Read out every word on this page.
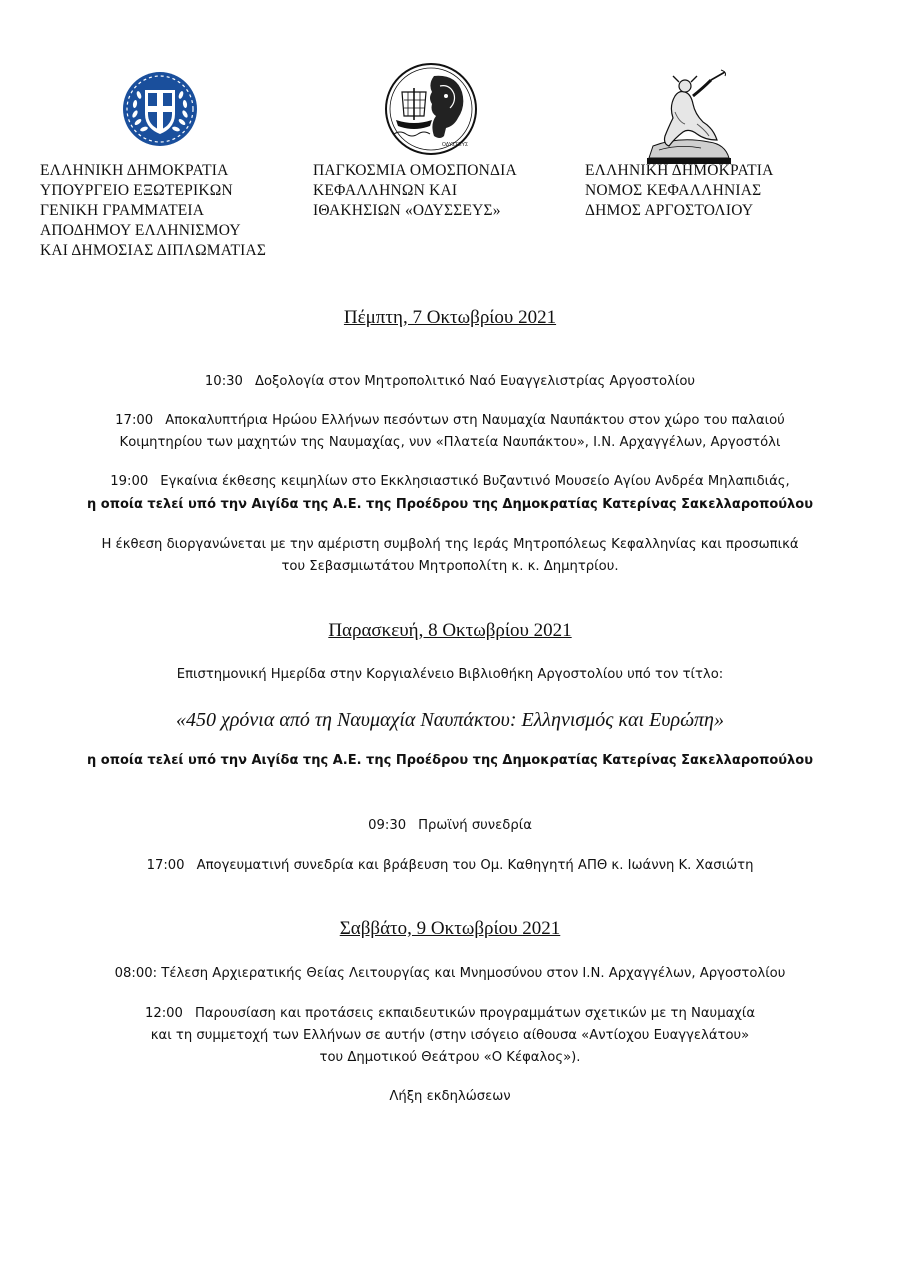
ΟΔΥΣΣΕΥΣ
ΕΛΛΗΝΙΚΗ ΔΗΜΟΚΡΑΤΙΑ
ΥΠΟΥΡΓΕΙΟ ΕΞΩΤΕΡΙΚΩΝ
ΓΕΝΙΚΗ ΓΡΑΜΜΑΤΕΙΑ
ΑΠΟΔΗΜΟΥ ΕΛΛΗΝΙΣΜΟΥ
ΚΑΙ ΔΗΜΟΣΙΑΣ ΔΙΠΛΩΜΑΤΙΑΣ
ΠΑΓΚΟΣΜΙΑ ΟΜΟΣΠΟΝΔΙΑ
ΚΕΦΑΛΛΗΝΩΝ ΚΑΙ
ΙΘΑΚΗΣΙΩΝ «ΟΔΥΣΣΕΥΣ»
ΕΛΛΗΝΙΚΗ ΔΗΜΟΚΡΑΤΙΑ
ΝΟΜΟΣ ΚΕΦΑΛΛΗΝΙΑΣ
ΔΗΜΟΣ ΑΡΓΟΣΤΟΛΙΟΥ
Πέμπτη, 7 Οκτωβρίου 2021
10:30 Δοξολογία στον Μητροπολιτικό Ναό Ευαγγελιστρίας Αργοστολίου
17:00 Αποκαλυπτήρια Ηρώου Ελλήνων πεσόντων στη Ναυμαχία Ναυπάκτου στον χώρο του παλαιού
Κοιμητηρίου των μαχητών της Ναυμαχίας, νυν «Πλατεία Ναυπάκτου», Ι.Ν. Αρχαγγέλων, Αργοστόλι
19:00 Εγκαίνια έκθεσης κειμηλίων στο Εκκλησιαστικό Βυζαντινό Μουσείο Αγίου Ανδρέα Μηλαπιδιάς,
η οποία τελεί υπό την Αιγίδα της Α.Ε. της Προέδρου της Δημοκρατίας Κατερίνας Σακελλαροπούλου
Η έκθεση διοργανώνεται με την αμέριστη συμβολή της Ιεράς Μητροπόλεως Κεφαλληνίας και προσωπικά
του Σεβασμιωτάτου Μητροπολίτη κ. κ. Δημητρίου.
Παρασκευή, 8 Οκτωβρίου 2021
Επιστημονική Ημερίδα στην Κοργιαλένειο Βιβλιοθήκη Αργοστολίου υπό τον τίτλο:
«450 χρόνια από τη Ναυμαχία Ναυπάκτου: Ελληνισμός και Ευρώπη»
η οποία τελεί υπό την Αιγίδα της Α.Ε. της Προέδρου της Δημοκρατίας Κατερίνας Σακελλαροπούλου
09:30 Πρωϊνή συνεδρία
17:00 Απογευματινή συνεδρία και βράβευση του Ομ. Καθηγητή ΑΠΘ κ. Ιωάννη Κ. Χασιώτη
Σαββάτο, 9 Οκτωβρίου 2021
08:00: Τέλεση Αρχιερατικής Θείας Λειτουργίας και Μνημοσύνου στον Ι.Ν. Αρχαγγέλων, Αργοστολίου
12:00 Παρουσίαση και προτάσεις εκπαιδευτικών προγραμμάτων σχετικών με τη Ναυμαχία
και τη συμμετοχή των Ελλήνων σε αυτήν (στην ισόγειο αίθουσα «Αντίοχου Ευαγγελάτου»
του Δημοτικού Θεάτρου «Ο Κέφαλος»).
Λήξη εκδηλώσεων
